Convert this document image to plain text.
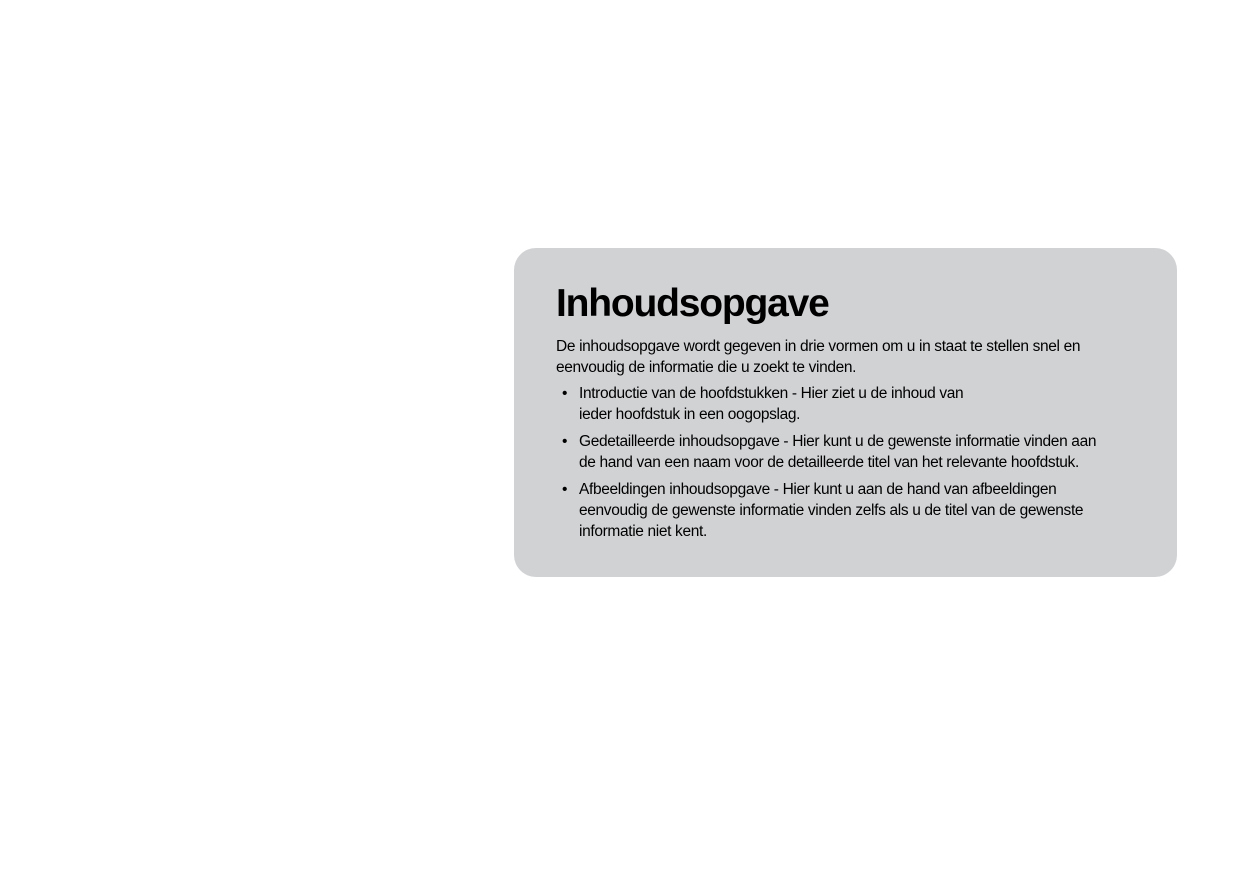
Inhoudsopgave

De inhoudsopgave wordt gegeven in drie vormen om u in staat te stellen snel en
eenvoudig de informatie die u zoekt te vinden.

• Introductie van de hoofdstukken - Hier ziet u de inhoud van
ieder hoofdstuk in een oogopslag.
• Gedetailleerde inhoudsopgave - Hier kunt u de gewenste informatie vinden aan
de hand van een naam voor de detailleerde titel van het relevante hoofdstuk.
• Afbeeldingen inhoudsopgave - Hier kunt u aan de hand van afbeeldingen
eenvoudig de gewenste informatie vinden zelfs als u de titel van de gewenste
informatie niet kent.
